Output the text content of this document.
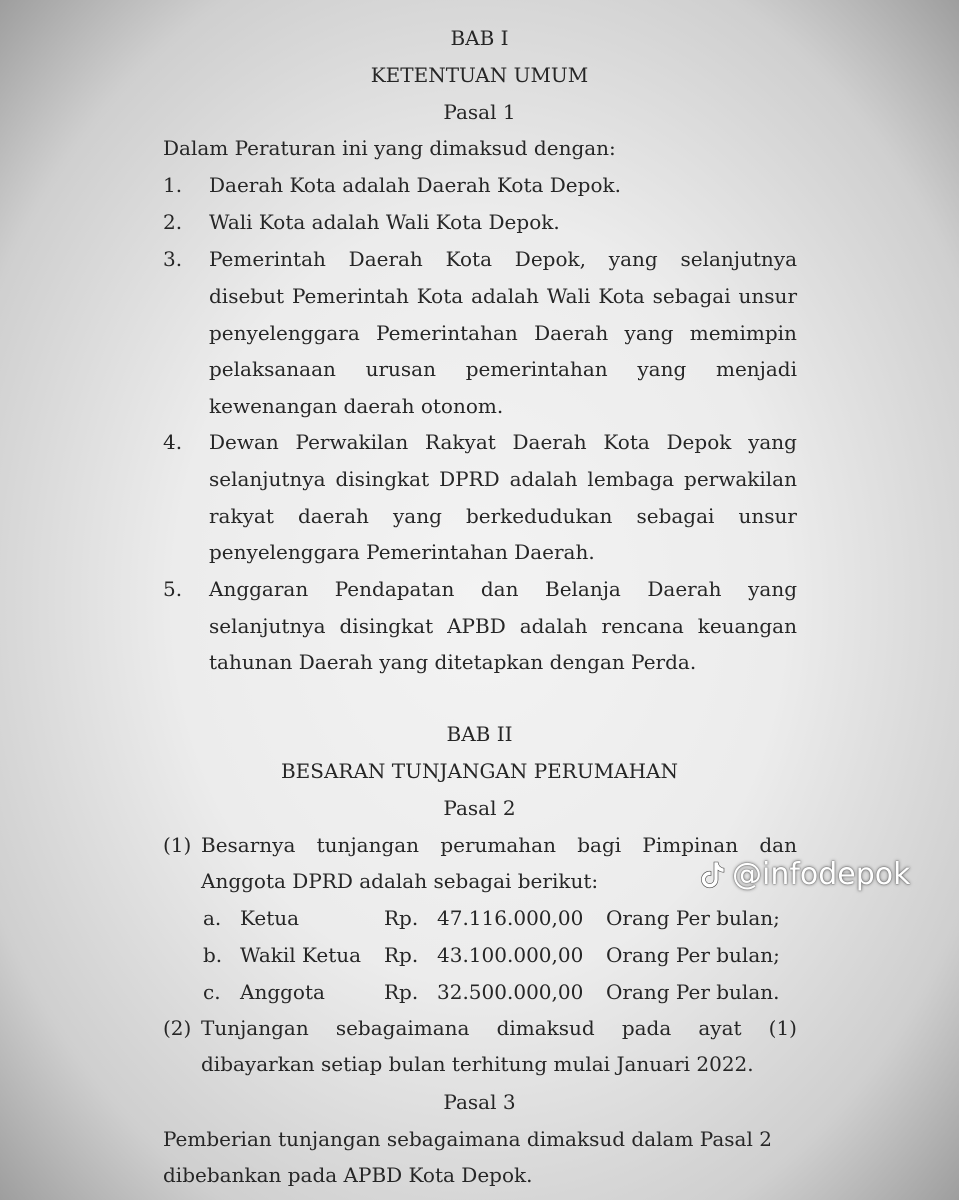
BAB I
KETENTUAN UMUM
Pasal 1
Dalam Peraturan ini yang dimaksud dengan:
1. Daerah Kota adalah Daerah Kota Depok.
2. Wali Kota adalah Wali Kota Depok.
3. Pemerintah Daerah Kota Depok, yang selanjutnya
disebut Pemerintah Kota adalah Wali Kota sebagai unsur
penyelenggara Pemerintahan Daerah yang memimpin
pelaksanaan urusan pemerintahan yang menjadi
kewenangan daerah otonom.
4. Dewan Perwakilan Rakyat Daerah Kota Depok yang
selanjutnya disingkat DPRD adalah lembaga perwakilan
rakyat daerah yang berkedudukan sebagai unsur
penyelenggara Pemerintahan Daerah.
5. Anggaran Pendapatan dan Belanja Daerah yang
selanjutnya disingkat APBD adalah rencana keuangan
tahunan Daerah yang ditetapkan dengan Perda.
BAB II
BESARAN TUNJANGAN PERUMAHAN
Pasal 2
(1) Besarnya tunjangan perumahan bagi Pimpinan dan
Anggota DPRD adalah sebagai berikut:
a. Ketua	Rp. 47.116.000,00 Orang Per bulan;
b. Wakil Ketua Rp. 43.100.000,00 Orang Per bulan;
c. Anggota	Rp. 32.500.000,00 Orang Per bulan.
(2) Tunjangan sebagaimana dimaksud pada ayat (1)
dibayarkan setiap bulan terhitung mulai Januari 2022.
Pasal 3
Pemberian tunjangan sebagaimana dimaksud dalam Pasal 2
dibebankan pada APBD Kota Depok.
@infodepok
